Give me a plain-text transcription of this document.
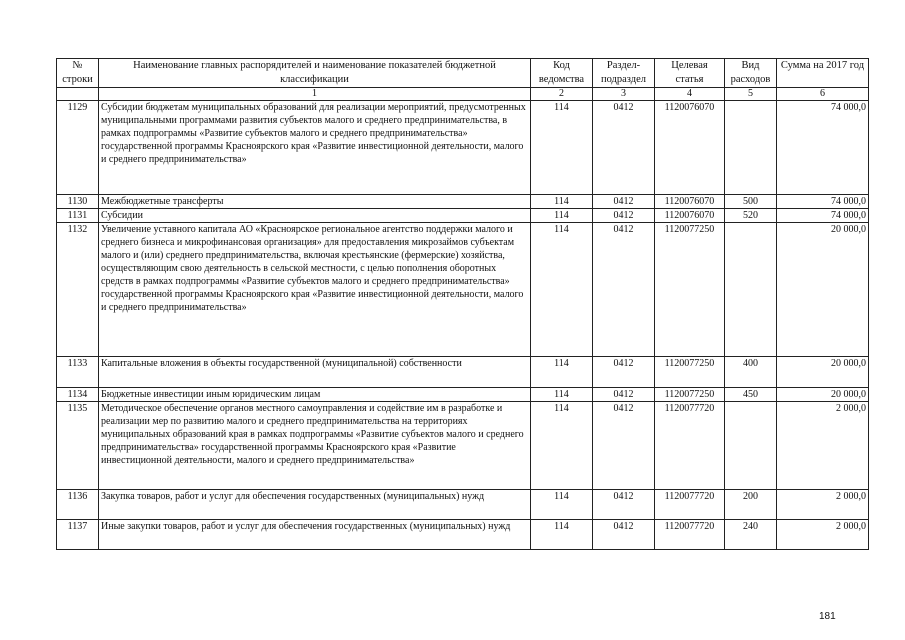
№ строки	Наименование главных распорядителей и наименование показателей бюджетной классификации	Код ведомства	Раздел-подраздел	Целевая статья	Вид расходов	Сумма на 2017 год
	1	2	3	4	5	6
1129	Субсидии бюджетам муниципальных образований для реализации мероприятий, предусмотренных муниципальными программами развития субъектов малого и среднего предпринимательства, в рамках подпрограммы «Развитие субъектов малого и среднего предпринимательства» государственной программы Красноярского края «Развитие инвестиционной деятельности, малого и среднего предпринимательства»	114	0412	1120076070		74 000,0
1130	Межбюджетные трансферты	114	0412	1120076070	500	74 000,0
1131	Субсидии	114	0412	1120076070	520	74 000,0
1132	Увеличение уставного капитала АО «Красноярское региональное агентство поддержки малого и среднего бизнеса и микрофинансовая организация» для предоставления микрозаймов субъектам малого и (или) среднего предпринимательства, включая крестьянские (фермерские) хозяйства, осуществляющим свою деятельность в сельской местности, с целью пополнения оборотных средств в рамках подпрограммы «Развитие субъектов малого и среднего предпринимательства» государственной программы Красноярского края «Развитие инвестиционной деятельности, малого и среднего предпринимательства»	114	0412	1120077250		20 000,0
1133	Капитальные вложения в объекты государственной (муниципальной) собственности	114	0412	1120077250	400	20 000,0
1134	Бюджетные инвестиции иным юридическим лицам	114	0412	1120077250	450	20 000,0
1135	Методическое обеспечение органов местного самоуправления и содействие им в разработке и реализации мер по развитию малого и среднего предпринимательства на территориях муниципальных образований края в рамках подпрограммы «Развитие субъектов малого и среднего предпринимательства» государственной программы Красноярского края «Развитие инвестиционной деятельности, малого и среднего предпринимательства»	114	0412	1120077720		2 000,0
1136	Закупка товаров, работ и услуг для обеспечения государственных (муниципальных) нужд	114	0412	1120077720	200	2 000,0
1137	Иные закупки товаров, работ и услуг для обеспечения государственных (муниципальных) нужд	114	0412	1120077720	240	2 000,0
181
